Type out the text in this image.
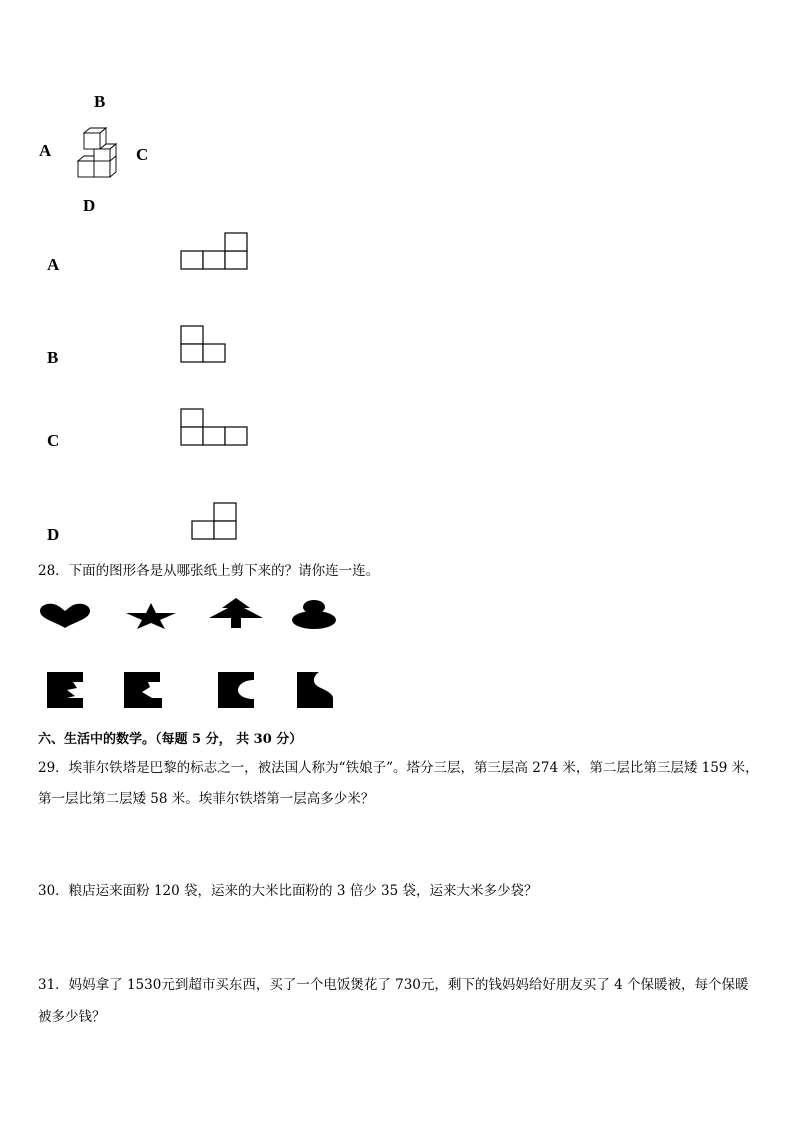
B
A	C
D
A
B
C
D
28．下面的图形各是从哪张纸上剪下来的？请你连一连。
六、生活中的数学。（每题 5 分， 共 30 分）
29．埃菲尔铁塔是巴黎的标志之一，被法国人称为“铁娘子”。塔分三层，第三层高 274 米，第二层比第三层矮 159 米，
第一层比第二层矮 58 米。埃菲尔铁塔第一层高多少米？
30．粮店运来面粉 120 袋，运来的大米比面粉的 3 倍少 35 袋，运来大米多少袋？
31．妈妈拿了 1530元到超市买东西，买了一个电饭煲花了 730元，剩下的钱妈妈给好朋友买了 4 个保暖被，每个保暖
被多少钱？
